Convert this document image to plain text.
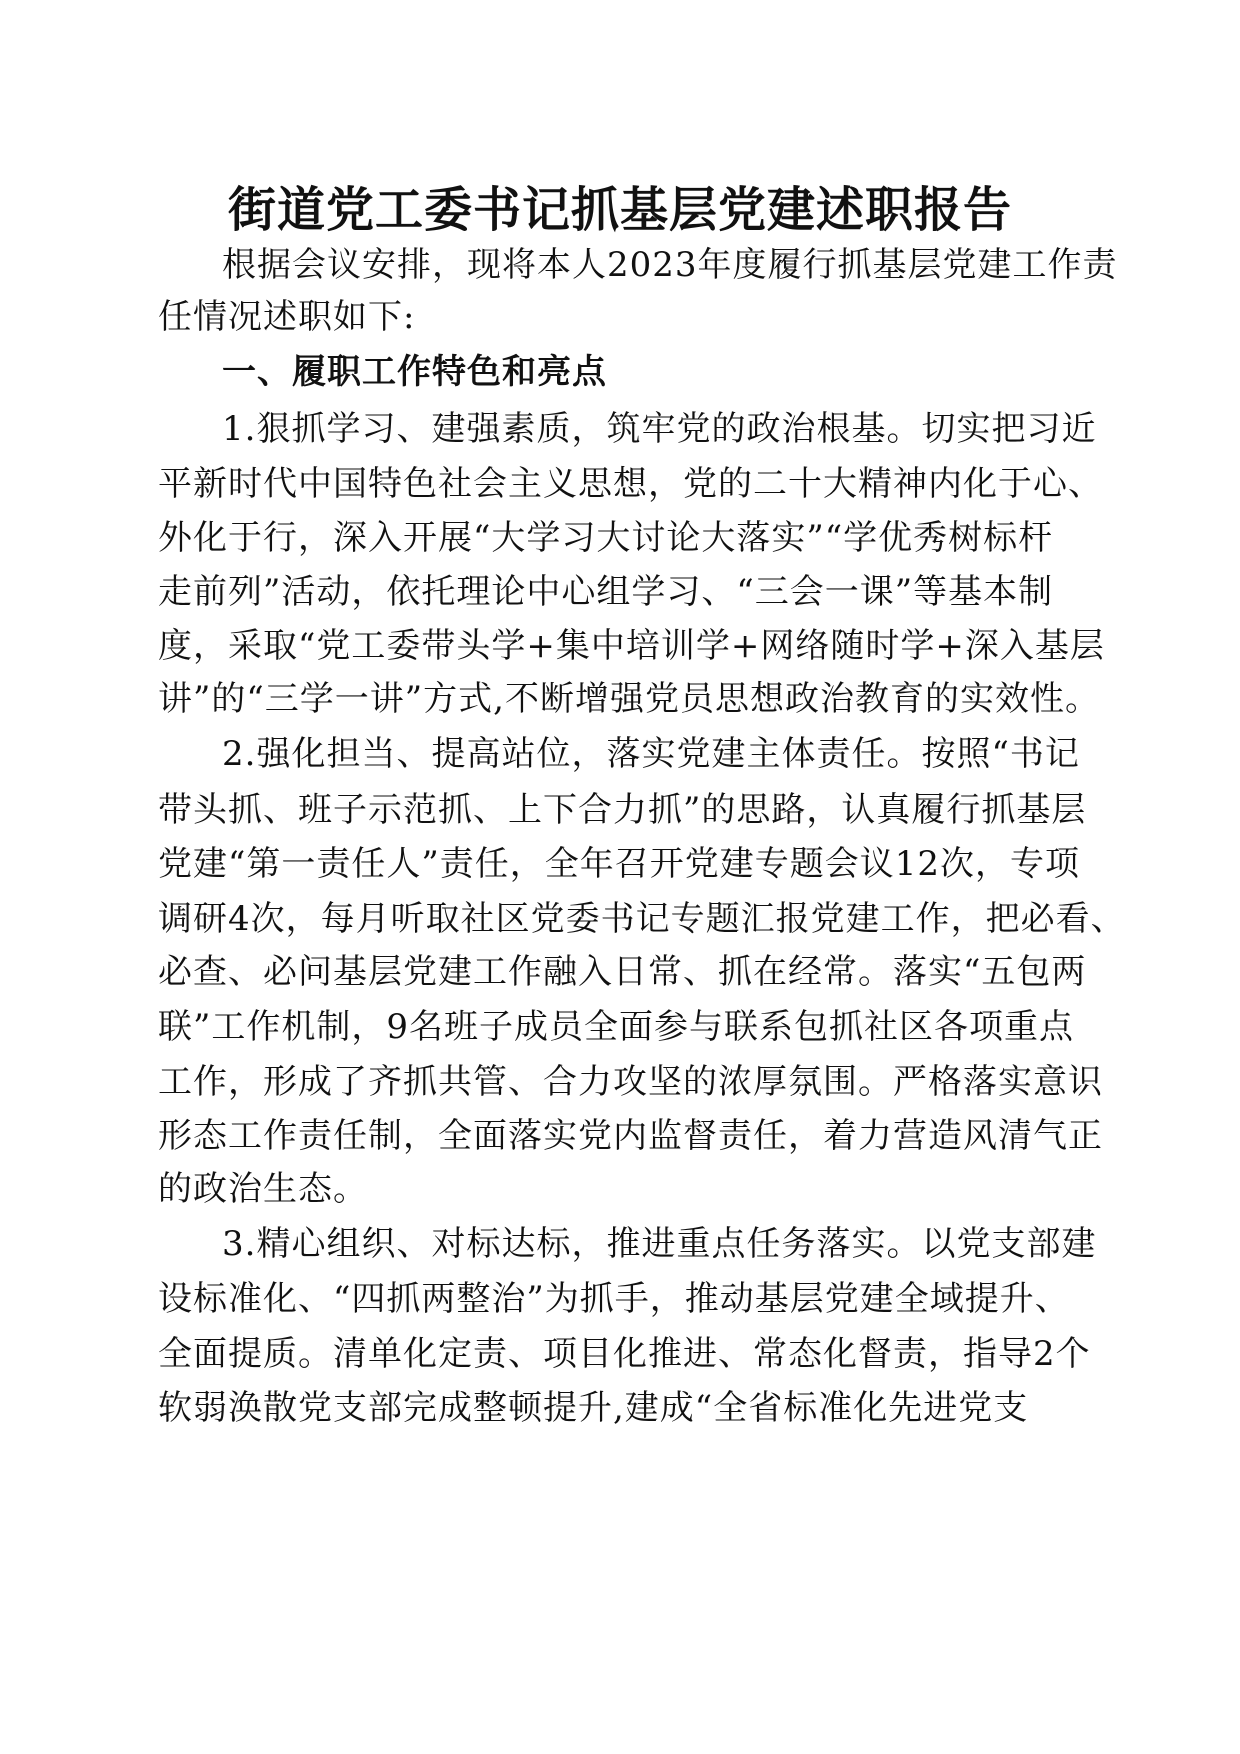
街道党工委书记抓基层党建述职报告
根据会议安排，现将本人2023年度履行抓基层党建工作责
任情况述职如下:
一、履职工作特色和亮点
1.狠抓学习、建强素质，筑牢党的政治根基。切实把习近
平新时代中国特色社会主义思想，党的二十大精神内化于心、
外化于行，深入开展“大学习大讨论大落实”“学优秀树标杆
走前列”活动，依托理论中心组学习、“三会一课”等基本制
度，采取“党工委带头学+集中培训学+网络随时学+深入基层
讲”的“三学一讲”方式,不断增强党员思想政治教育的实效性。
2.强化担当、提高站位，落实党建主体责任。按照“书记
带头抓、班子示范抓、上下合力抓”的思路，认真履行抓基层
党建“第一责任人”责任，全年召开党建专题会议12次，专项
调研4次，每月听取社区党委书记专题汇报党建工作，把必看、
必查、必问基层党建工作融入日常、抓在经常。落实“五包两
联”工作机制，9名班子成员全面参与联系包抓社区各项重点
工作，形成了齐抓共管、合力攻坚的浓厚氛围。严格落实意识
形态工作责任制，全面落实党内监督责任，着力营造风清气正
的政治生态。
3.精心组织、对标达标，推进重点任务落实。以党支部建
设标准化、“四抓两整治”为抓手，推动基层党建全域提升、
全面提质。清单化定责、项目化推进、常态化督责，指导2个
软弱涣散党支部完成整顿提升,建成“全省标准化先进党支
